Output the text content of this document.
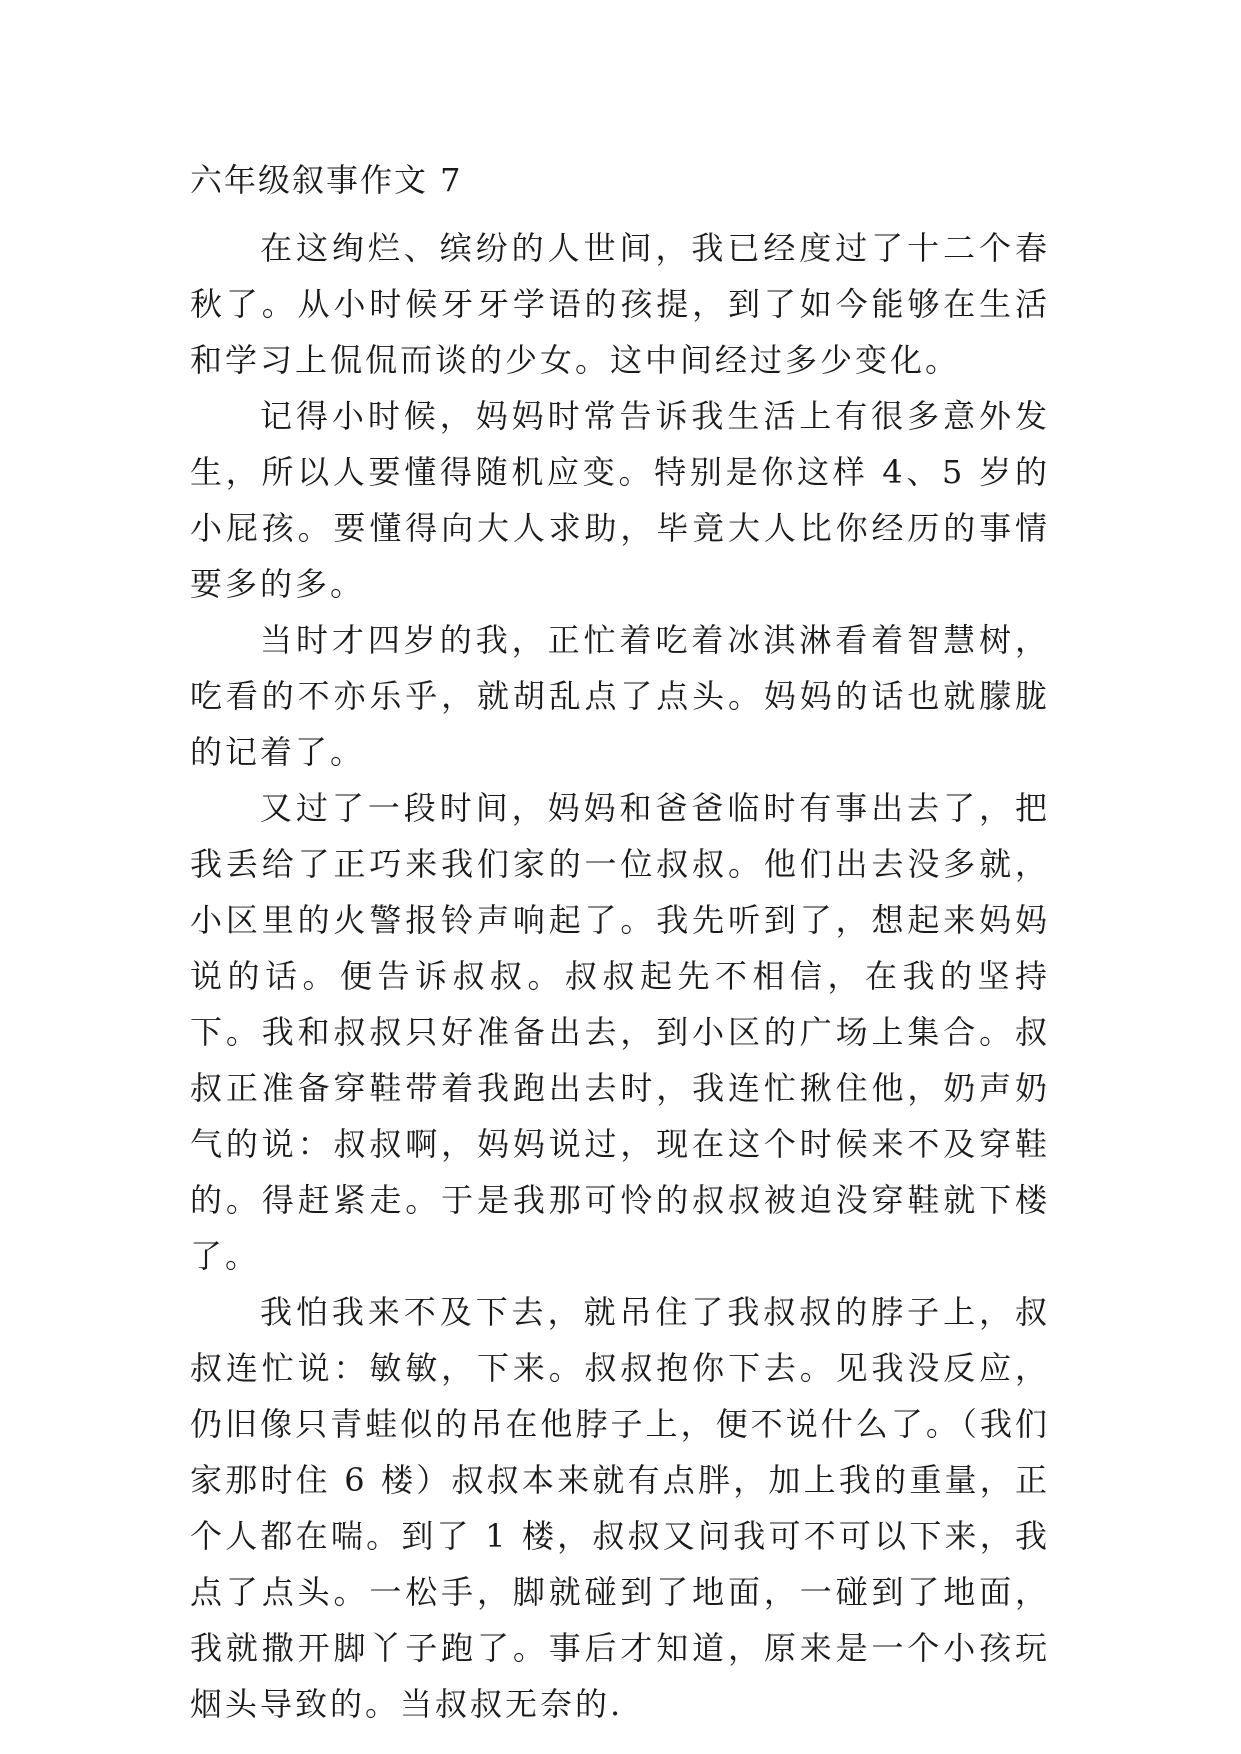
六年级叙事作文 7

在这绚烂、缤纷的人世间，我已经度过了十二个春秋了。从小时候牙牙学语的孩提，到了如今能够在生活和学习上侃侃而谈的少女。这中间经过多少变化。

记得小时候，妈妈时常告诉我生活上有很多意外发生，所以人要懂得随机应变。特别是你这样 4、5 岁的小屁孩。要懂得向大人求助，毕竟大人比你经历的事情要多的多。

当时才四岁的我，正忙着吃着冰淇淋看着智慧树，吃看的不亦乐乎，就胡乱点了点头。妈妈的话也就朦胧的记着了。

又过了一段时间，妈妈和爸爸临时有事出去了，把我丢给了正巧来我们家的一位叔叔。他们出去没多就，小区里的火警报铃声响起了。我先听到了，想起来妈妈说的话。便告诉叔叔。叔叔起先不相信，在我的坚持下。我和叔叔只好准备出去，到小区的广场上集合。叔叔正准备穿鞋带着我跑出去时，我连忙揪住他，奶声奶气的说：叔叔啊，妈妈说过，现在这个时候来不及穿鞋的。得赶紧走。于是我那可怜的叔叔被迫没穿鞋就下楼了。

我怕我来不及下去，就吊住了我叔叔的脖子上，叔叔连忙说：敏敏，下来。叔叔抱你下去。见我没反应，仍旧像只青蛙似的吊在他脖子上，便不说什么了。（我们家那时住 6 楼）叔叔本来就有点胖，加上我的重量，正个人都在喘。到了 1 楼，叔叔又问我可不可以下来，我点了点头。一松手，脚就碰到了地面，一碰到了地面，我就撒开脚丫子跑了。事后才知道，原来是一个小孩玩烟头导致的。当叔叔无奈的.
